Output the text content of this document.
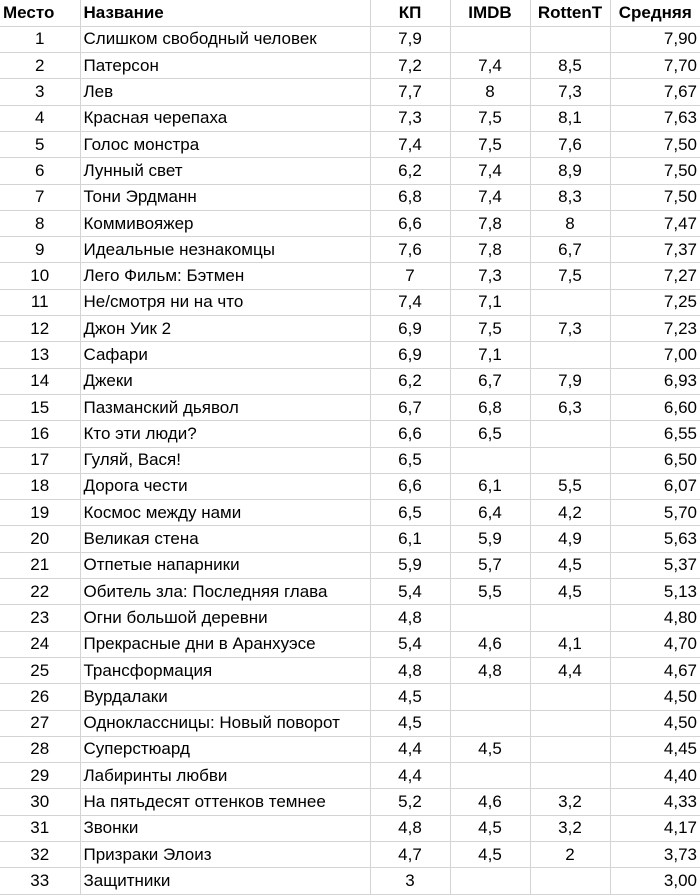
Место	Название	КП	IMDB	RottenT	Средняя
1	Слишком свободный человек	7,9			7,90
2	Патерсон	7,2	7,4	8,5	7,70
3	Лев	7,7	8	7,3	7,67
4	Красная черепаха	7,3	7,5	8,1	7,63
5	Голос монстра	7,4	7,5	7,6	7,50
6	Лунный свет	6,2	7,4	8,9	7,50
7	Тони Эрдманн	6,8	7,4	8,3	7,50
8	Коммивояжер	6,6	7,8	8	7,47
9	Идеальные незнакомцы	7,6	7,8	6,7	7,37
10	Лего Фильм: Бэтмен	7	7,3	7,5	7,27
11	Не/смотря ни на что	7,4	7,1		7,25
12	Джон Уик 2	6,9	7,5	7,3	7,23
13	Сафари	6,9	7,1		7,00
14	Джеки	6,2	6,7	7,9	6,93
15	Пазманский дьявол	6,7	6,8	6,3	6,60
16	Кто эти люди?	6,6	6,5		6,55
17	Гуляй, Вася!	6,5			6,50
18	Дорога чести	6,6	6,1	5,5	6,07
19	Космос между нами	6,5	6,4	4,2	5,70
20	Великая стена	6,1	5,9	4,9	5,63
21	Отпетые напарники	5,9	5,7	4,5	5,37
22	Обитель зла: Последняя глава	5,4	5,5	4,5	5,13
23	Огни большой деревни	4,8			4,80
24	Прекрасные дни в Аранхуэсе	5,4	4,6	4,1	4,70
25	Трансформация	4,8	4,8	4,4	4,67
26	Вурдалаки	4,5			4,50
27	Одноклассницы: Новый поворот	4,5			4,50
28	Суперстюард	4,4	4,5		4,45
29	Лабиринты любви	4,4			4,40
30	На пятьдесят оттенков темнее	5,2	4,6	3,2	4,33
31	Звонки	4,8	4,5	3,2	4,17
32	Призраки Элоиз	4,7	4,5	2	3,73
33	Защитники	3			3,00
